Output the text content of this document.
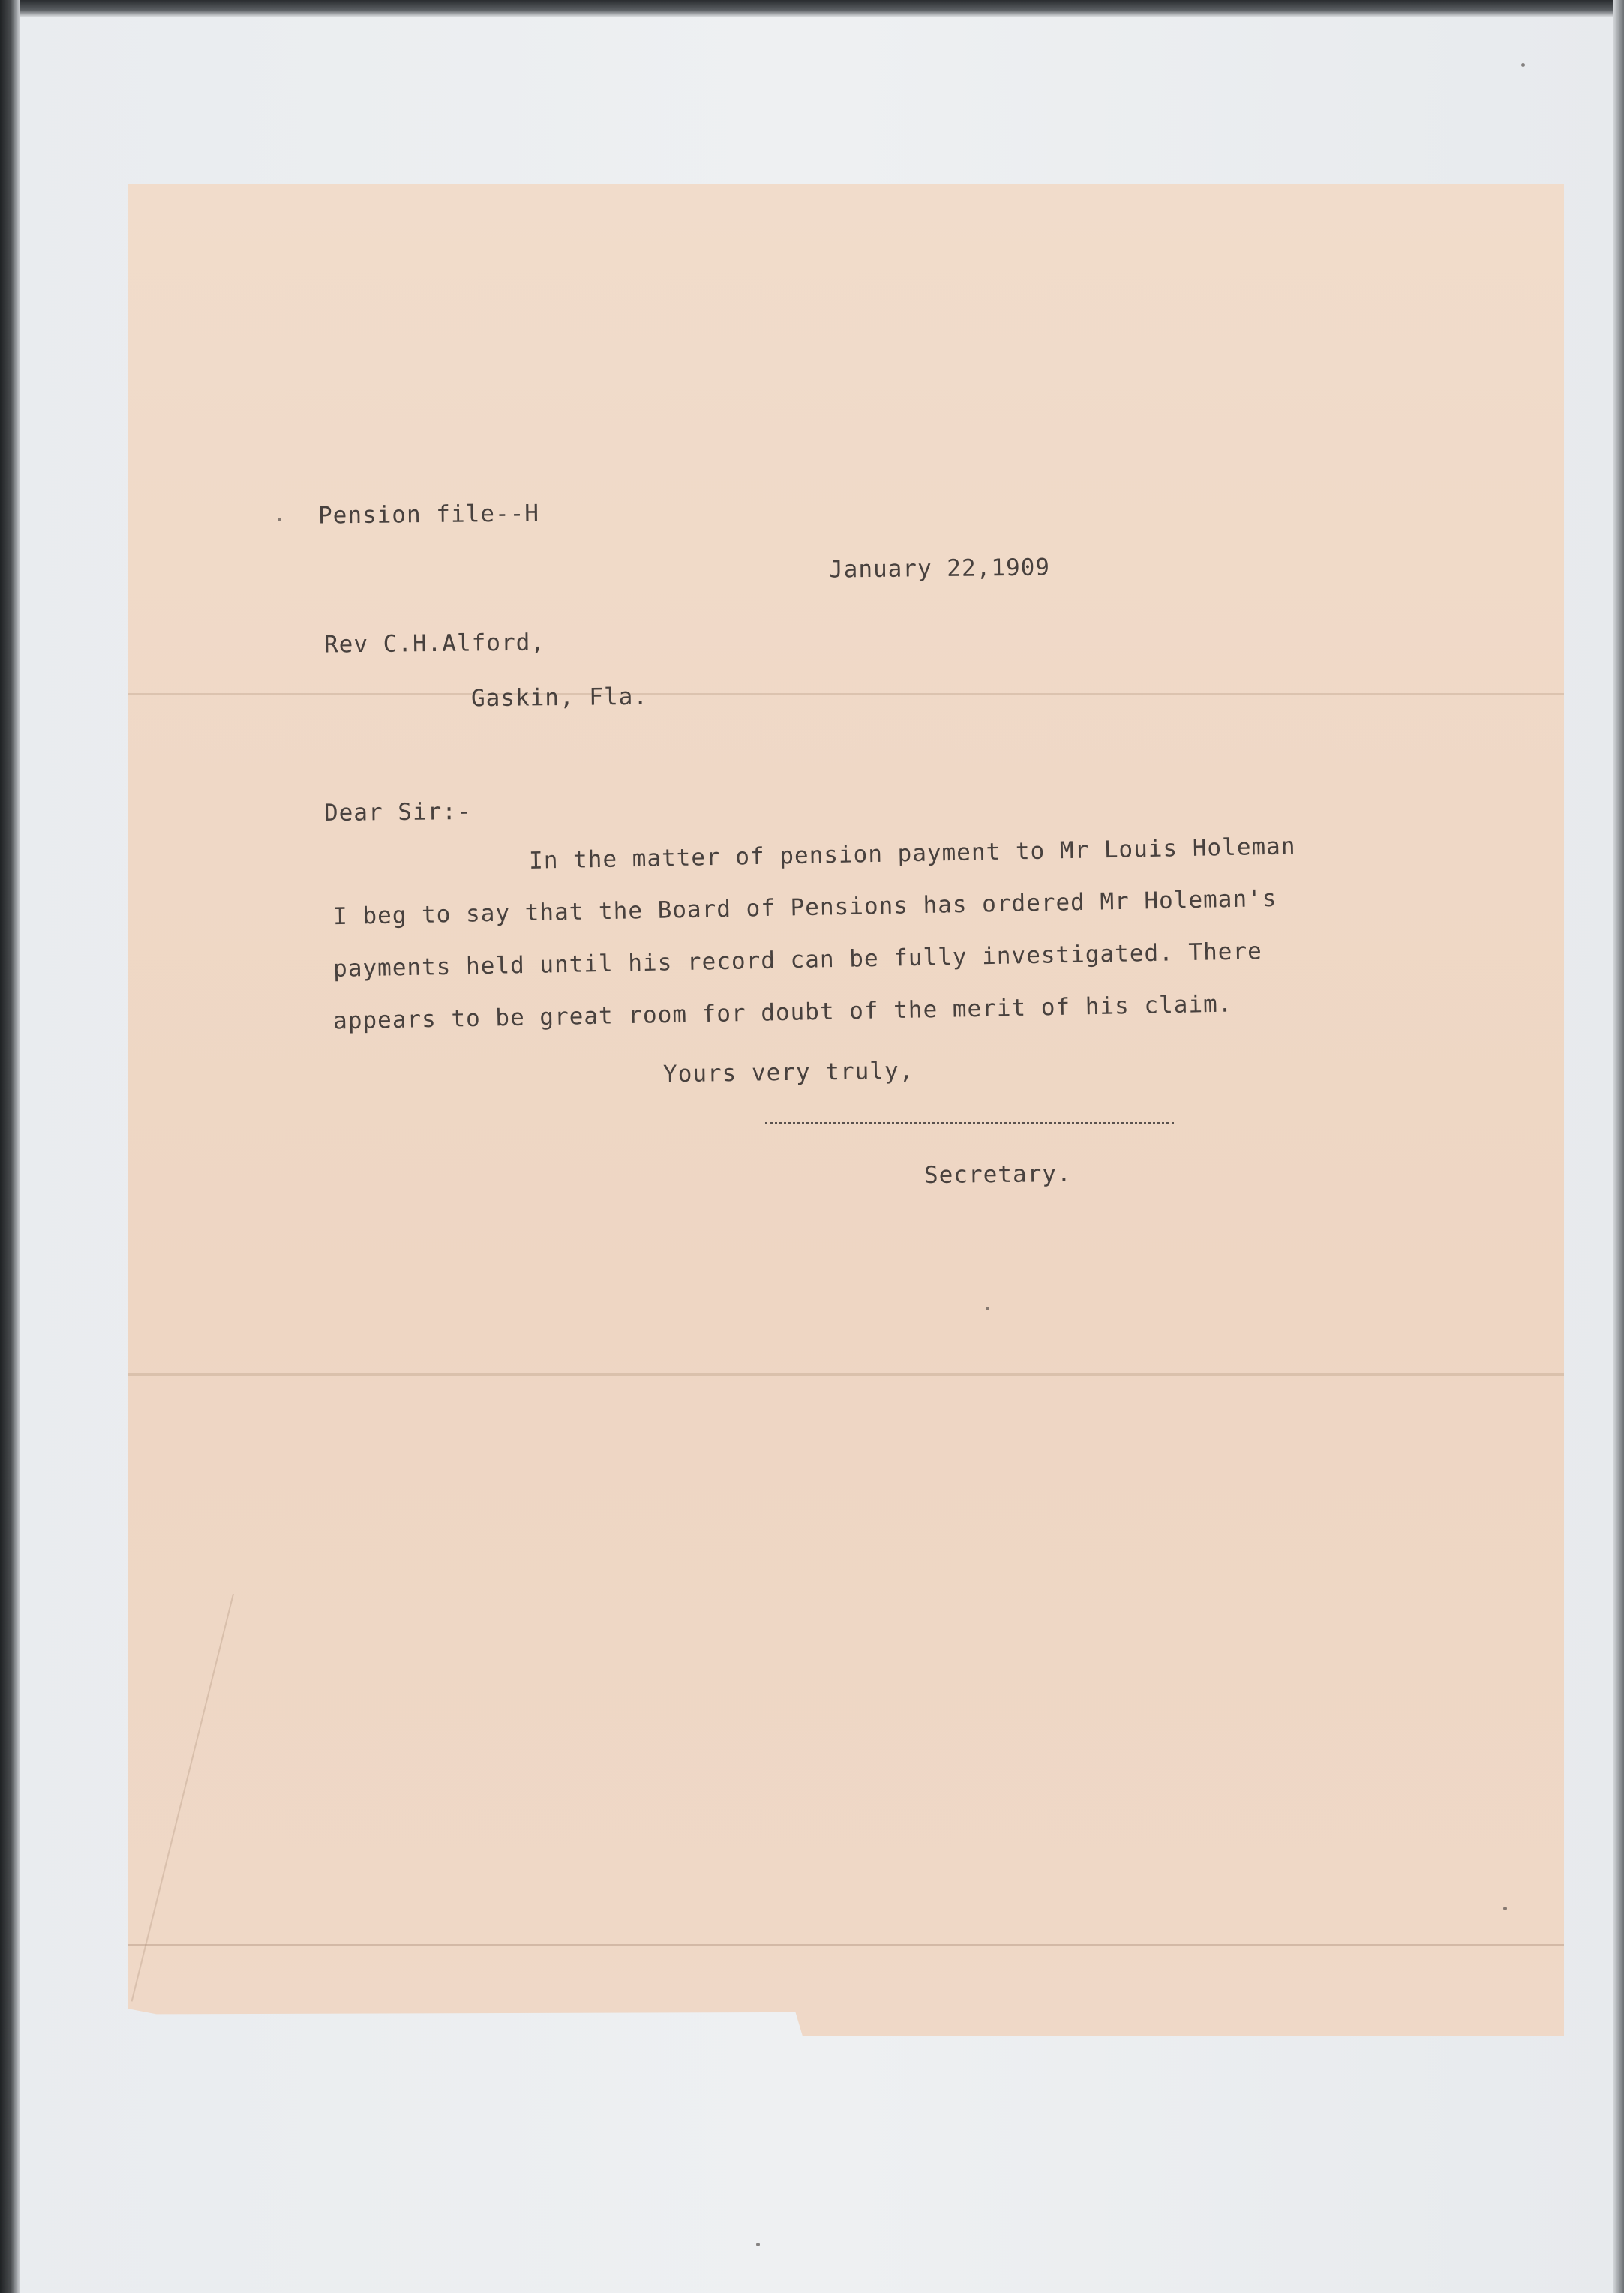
Pension file--H
January 22,1909
Rev C.H.Alford,
Gaskin, Fla.
Dear Sir:-
In the matter of pension payment to Mr Louis Holeman
I beg to say that the Board of Pensions has ordered Mr Holeman's
payments held until his record can be fully investigated. There
appears to be great room for doubt of the merit of his claim.
Yours very truly,
Secretary.
